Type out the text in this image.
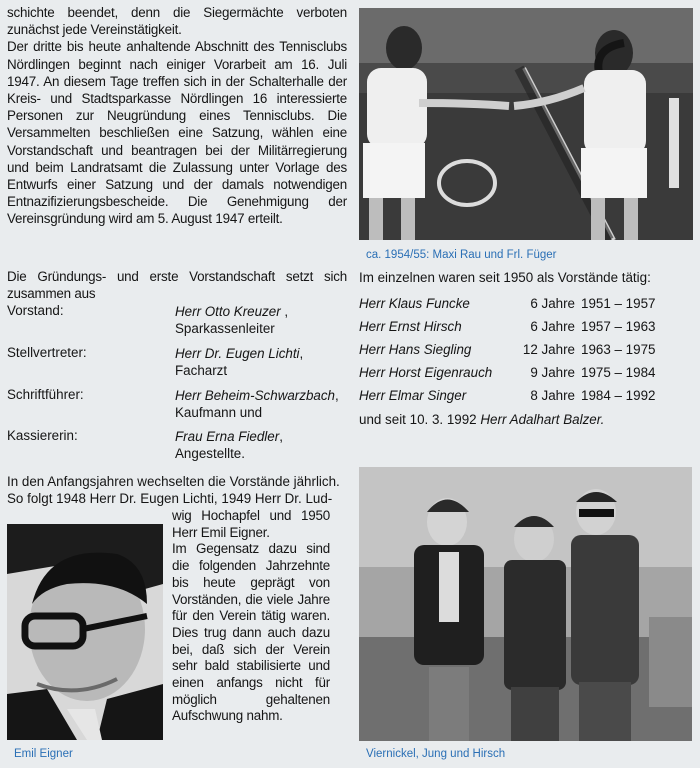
schichte beendet, denn die Siegermächte verboten zunächst jede Vereinstätigkeit.

Der dritte bis heute anhaltende Abschnitt des Tennisclubs Nördlingen beginnt nach einiger Vorarbeit am 16. Juli 1947. An diesem Tage treffen sich in der Schalterhalle der Kreis- und Stadtsparkasse Nördlingen 16 interessierte Personen zur Neugründung eines Tennisclubs. Die Versammelten beschließen eine Satzung, wählen eine Vorstandschaft und beantragen bei der Militärregierung und beim Landratsamt die Zulassung unter Vorlage des Entwurfs einer Satzung und der damals notwendigen Entnazifizierungsbescheide. Die Genehmigung der Vereinsgründung wird am 5. August 1947 erteilt.

Die Gründungs- und erste Vorstandschaft setzt sich zusammen aus
Vorstand:	Herr Otto Kreuzer ,
Sparkassenleiter
Stellvertreter:	Herr Dr. Eugen Lichti,
Facharzt
Schriftführer:	Herr Beheim-Schwarzbach,
Kaufmann und
Kassiererin:	Frau Erna Fiedler,
Angestellte.
In den Anfangsjahren wechselten die Vorstände jährlich.
So folgt 1948 Herr Dr. Eugen Lichti, 1949 Herr Dr. Lud-

wig Hochapfel und 1950 Herr Emil Eigner.

Im Gegensatz dazu sind die folgenden Jahrzehnte bis heute geprägt von Vorständen, die viele Jahre für den Verein tätig waren. Dies trug dann auch dazu bei, daß sich der Verein sehr bald stabilisierte und einen anfangs nicht für möglich gehaltenen Aufschwung nahm.

Emil Eigner
ca. 1954/55: Maxi Rau und Frl. Füger
Im einzelnen waren seit 1950 als Vorstände tätig:
Herr Klaus Funcke	6 Jahre 1951 – 1957
Herr Ernst Hirsch	6 Jahre 1957 – 1963
Herr Hans Siegling	12 Jahre 1963 – 1975
Herr Horst Eigenrauch	9 Jahre 1975 – 1984
Herr Elmar Singer	8 Jahre 1984 – 1992
und seit 10. 3. 1992 Herr Adalhart Balzer.
Viernickel, Jung und Hirsch
